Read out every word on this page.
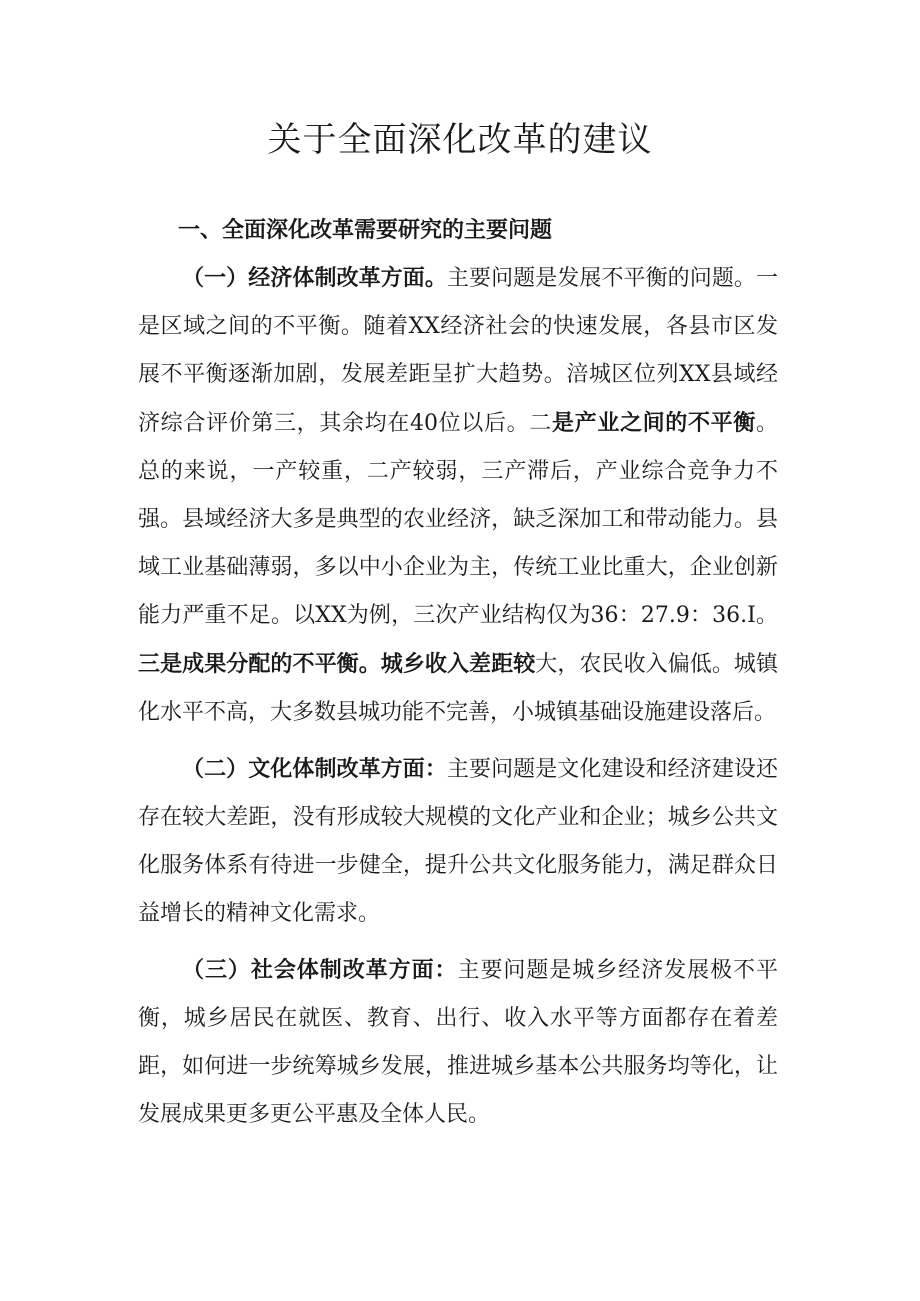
关于全面深化改革的建议

一、全面深化改革需要研究的主要问题

（一）经济体制改革方面。主要问题是发展不平衡的问题。一是区域之间的不平衡。随着XX经济社会的快速发展，各县市区发展不平衡逐渐加剧，发展差距呈扩大趋势。涪城区位列XX县域经济综合评价第三，其余均在40位以后。二是产业之间的不平衡。总的来说，一产较重，二产较弱，三产滞后，产业综合竞争力不强。县域经济大多是典型的农业经济，缺乏深加工和带动能力。县域工业基础薄弱，多以中小企业为主，传统工业比重大，企业创新能力严重不足。以XX为例，三次产业结构仅为36：27.9：36.I。三是成果分配的不平衡。城乡收入差距较大，农民收入偏低。城镇化水平不高，大多数县城功能不完善，小城镇基础设施建设落后。

（二）文化体制改革方面：主要问题是文化建设和经济建设还存在较大差距，没有形成较大规模的文化产业和企业；城乡公共文化服务体系有待进一步健全，提升公共文化服务能力，满足群众日益增长的精神文化需求。

（三）社会体制改革方面：主要问题是城乡经济发展极不平衡，城乡居民在就医、教育、出行、收入水平等方面都存在着差距，如何进一步统筹城乡发展，推进城乡基本公共服务均等化，让发展成果更多更公平惠及全体人民。
